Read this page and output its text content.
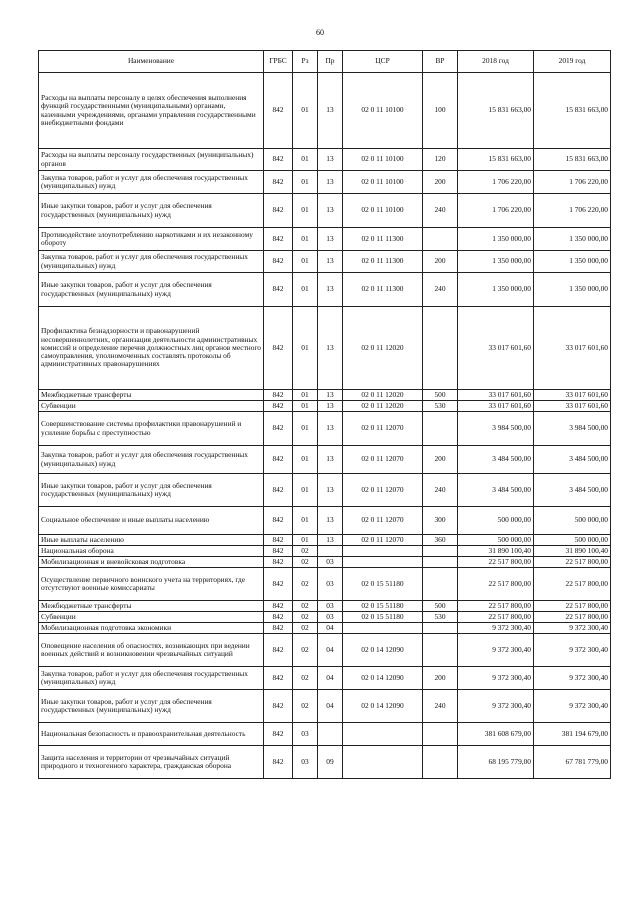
60
Наименование	ГРБС	Рз	Пр	ЦСР	ВР	2018 год	2019 год
Расходы на выплаты персоналу в целях обеспечения выполнения функций государственными (муниципальными) органами, казенными учреждениями, органами управления государственными внебюджетными фондами	842	01	13	02 0 11 10100	100	15 831 663,00	15 831 663,00
Расходы на выплаты персоналу государственных (муниципальных) органов	842	01	13	02 0 11 10100	120	15 831 663,00	15 831 663,00
Закупка товаров, работ и услуг для обеспечения государственных (муниципальных) нужд	842	01	13	02 0 11 10100	200	1 706 220,00	1 706 220,00
Иные закупки товаров, работ и услуг для обеспечения государственных (муниципальных) нужд	842	01	13	02 0 11 10100	240	1 706 220,00	1 706 220,00
Противодействие злоупотреблению наркотиками и их незаконному обороту	842	01	13	02 0 11 11300		1 350 000,00	1 350 000,00
Закупка товаров, работ и услуг для обеспечения государственных (муниципальных) нужд	842	01	13	02 0 11 11300	200	1 350 000,00	1 350 000,00
Иные закупки товаров, работ и услуг для обеспечения государственных (муниципальных) нужд	842	01	13	02 0 11 11300	240	1 350 000,00	1 350 000,00
Профилактика безнадзорности и правонарушений несовершеннолетних, организация деятельности административных комиссий и определение перечня должностных лиц органов местного самоуправления, уполномоченных составлять протоколы об административных правонарушениях	842	01	13	02 0 11 12020		33 017 601,60	33 017 601,60
Межбюджетные трансферты	842	01	13	02 0 11 12020	500	33 017 601,60	33 017 601,60
Субвенции	842	01	13	02 0 11 12020	530	33 017 601,60	33 017 601,60
Совершенствование системы профилактики правонарушений и усиление борьбы с преступностью	842	01	13	02 0 11 12070		3 984 500,00	3 984 500,00
Закупка товаров, работ и услуг для обеспечения государственных (муниципальных) нужд	842	01	13	02 0 11 12070	200	3 484 500,00	3 484 500,00
Иные закупки товаров, работ и услуг для обеспечения государственных (муниципальных) нужд	842	01	13	02 0 11 12070	240	3 484 500,00	3 484 500,00
Социальное обеспечение и иные выплаты населению	842	01	13	02 0 11 12070	300	500 000,00	500 000,00
Иные выплаты населению	842	01	13	02 0 11 12070	360	500 000,00	500 000,00
Национальная оборона	842	02				31 890 100,40	31 890 100,40
Мобилизационная и вневойсковая подготовка	842	02	03			22 517 800,00	22 517 800,00
Осуществление первичного воинского учета на территориях, где отсутствуют военные комиссариаты	842	02	03	02 0 15 51180		22 517 800,00	22 517 800,00
Межбюджетные трансферты	842	02	03	02 0 15 51180	500	22 517 800,00	22 517 800,00
Субвенции	842	02	03	02 0 15 51180	530	22 517 800,00	22 517 800,00
Мобилизационная подготовка экономики	842	02	04			9 372 300,40	9 372 300,40
Оповещение населения об опасностях, возникающих при ведении военных действий и возникновении чрезвычайных ситуаций	842	02	04	02 0 14 12090		9 372 300,40	9 372 300,40
Закупка товаров, работ и услуг для обеспечения государственных (муниципальных) нужд	842	02	04	02 0 14 12090	200	9 372 300,40	9 372 300,40
Иные закупки товаров, работ и услуг для обеспечения государственных (муниципальных) нужд	842	02	04	02 0 14 12090	240	9 372 300,40	9 372 300,40
Национальная безопасность и правоохранительная деятельность	842	03				381 608 679,00	381 194 679,00
Защита населения и территории от чрезвычайных ситуаций природного и техногенного характера, гражданская оборона	842	03	09			68 195 779,00	67 781 779,00
